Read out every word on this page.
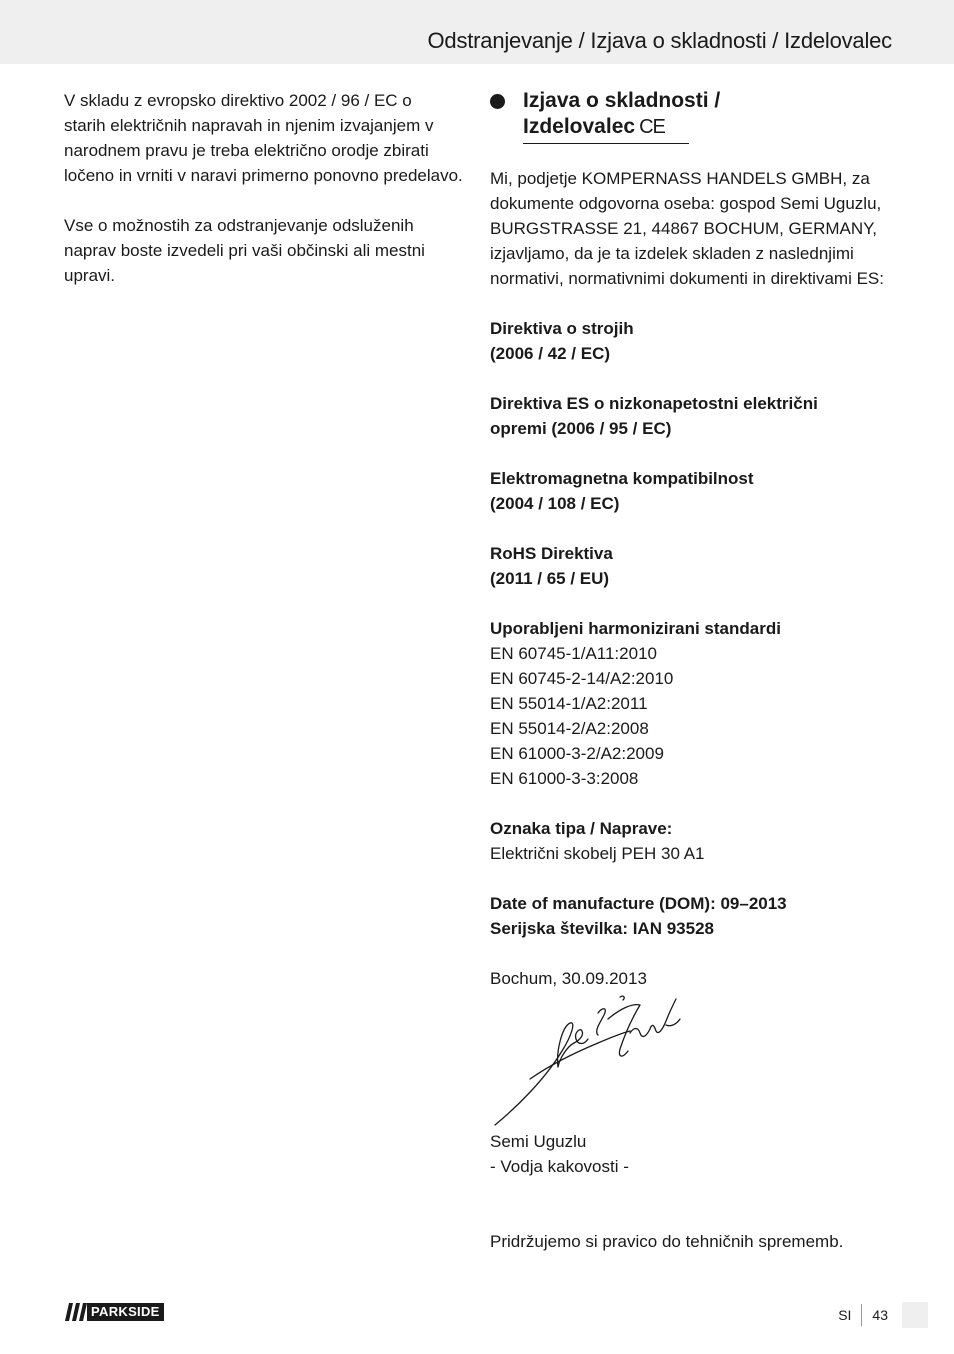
Odstranjevanje / Izjava o skladnosti / Izdelovalec

V skladu z evropsko direktivo 2002 / 96 / EC o
starih električnih napravah in njenim izvajanjem v
narodnem pravu je treba električno orodje zbirati
ločeno in vrniti v naravi primerno ponovno predelavo.

Vse o možnostih za odstranjevanje odsluženih
naprav boste izvedeli pri vaši občinski ali mestni
upravi.

Izjava o skladnosti /
Izdelovalec CE

Mi, podjetje KOMPERNASS HANDELS GMBH, za
dokumente odgovorna oseba: gospod Semi Uguzlu,
BURGSTRASSE 21, 44867 BOCHUM, GERMANY,
izjavljamo, da je ta izdelek skladen z naslednjimi
normativi, normativnimi dokumenti in direktivami ES:

Direktiva o strojih
(2006 / 42 / EC)

Direktiva ES o nizkonapetostni električni
opremi (2006 / 95 / EC)

Elektromagnetna kompatibilnost
(2004 / 108 / EC)

RoHS Direktiva
(2011 / 65 / EU)

Uporabljeni harmonizirani standardi
EN 60745-1/A11:2010
EN 60745-2-14/A2:2010
EN 55014-1/A2:2011
EN 55014-2/A2:2008
EN 61000-3-2/A2:2009
EN 61000-3-3:2008

Oznaka tipa / Naprave:
Električni skobelj PEH 30 A1

Date of manufacture (DOM): 09–2013
Serijska številka: IAN 93528

Bochum, 30.09.2013

Semi Uguzlu
- Vodja kakovosti -

Pridržujemo si pravico do tehničnih sprememb.

PARKSIDE	SI	43
